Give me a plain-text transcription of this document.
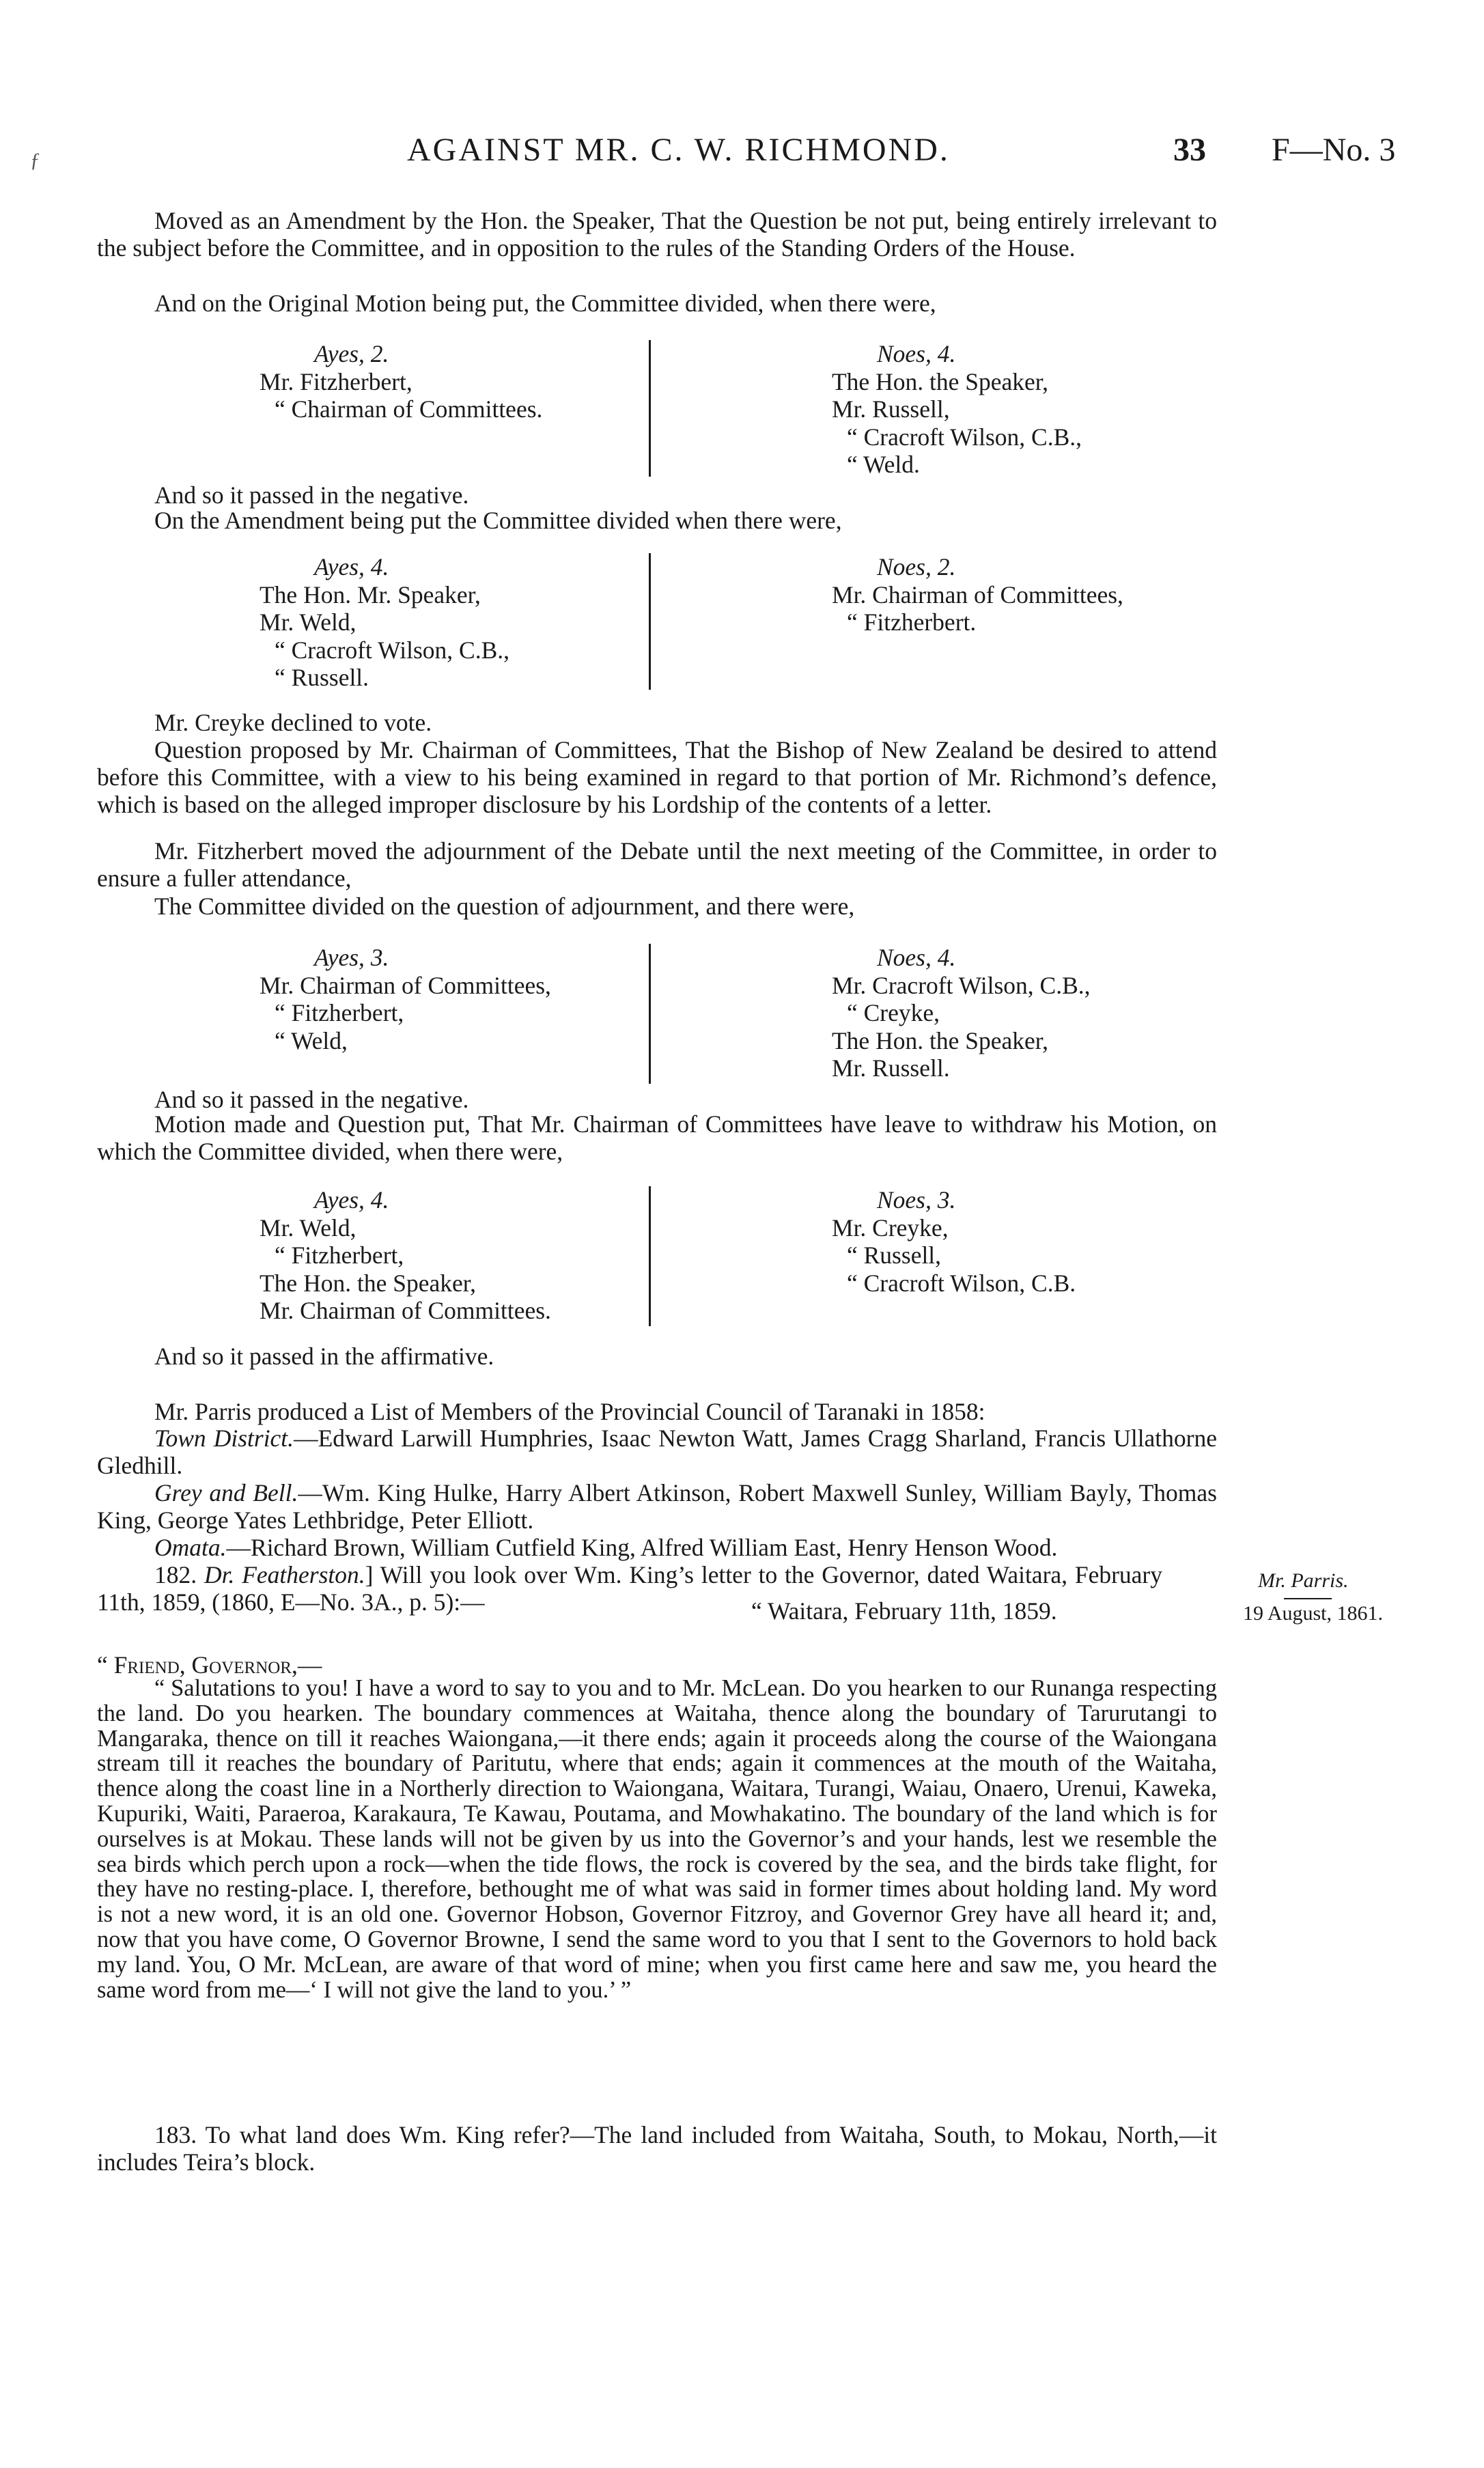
ƒ	AGAINST MR. C. W. RICHMOND.	33 F—No. 3
Moved as an Amendment by the Hon. the Speaker, That the Question be not put, being entirely irrelevant to the subject before the Committee, and in opposition to the rules of the Standing Orders of the House.
And on the Original Motion being put, the Committee divided, when there were,
Ayes, 2.
Mr. Fitzherbert,
“ Chairman of Committees.
Noes, 4.
The Hon. the Speaker,
Mr. Russell,
“ Cracroft Wilson, C.B.,
“ Weld.
And so it passed in the negative.
On the Amendment being put the Committee divided when there were,
Ayes, 4.
The Hon. Mr. Speaker,
Mr. Weld,
“ Cracroft Wilson, C.B.,
“ Russell.
Noes, 2.
Mr. Chairman of Committees,
“ Fitzherbert.
Mr. Creyke declined to vote.
Question proposed by Mr. Chairman of Committees, That the Bishop of New Zealand be desired to attend before this Committee, with a view to his being examined in regard to that portion of Mr. Richmond’s defence, which is based on the alleged improper disclosure by his Lordship of the contents of a letter.
Mr. Fitzherbert moved the adjournment of the Debate until the next meeting of the Committee, in order to ensure a fuller attendance,
The Committee divided on the question of adjournment, and there were,
Ayes, 3.
Mr. Chairman of Committees,
“ Fitzherbert,
“ Weld,
Noes, 4.
Mr. Cracroft Wilson, C.B.,
“ Creyke,
The Hon. the Speaker,
Mr. Russell.
And so it passed in the negative.
Motion made and Question put, That Mr. Chairman of Committees have leave to withdraw his Motion, on which the Committee divided, when there were,
Ayes, 4.
Mr. Weld,
“ Fitzherbert,
The Hon. the Speaker,
Mr. Chairman of Committees.
Noes, 3.
Mr. Creyke,
“ Russell,
“ Cracroft Wilson, C.B.
And so it passed in the affirmative.
Mr. Parris produced a List of Members of the Provincial Council of Taranaki in 1858:
Town District.—Edward Larwill Humphries, Isaac Newton Watt, James Cragg Sharland, Francis Ullathorne Gledhill.
Grey and Bell.—Wm. King Hulke, Harry Albert Atkinson, Robert Maxwell Sunley, William Bayly, Thomas King, George Yates Lethbridge, Peter Elliott.
Omata.—Richard Brown, William Cutfield King, Alfred William East, Henry Henson Wood.
182. Dr. Featherston.] Will you look over Wm. King’s letter to the Governor, dated Waitara, February 11th, 1859, (1860, E—No. 3A., p. 5):—	“ Waitara, February 11th, 1859.
Mr. Parris.
19 August, 1861.
“ Friend, Governor,—
“ Salutations to you! I have a word to say to you and to Mr. McLean. Do you hearken to our Runanga respecting the land. Do you hearken. The boundary commences at Waitaha, thence along the boundary of Tarurutangi to Mangaraka, thence on till it reaches Waiongana,—it there ends; again it proceeds along the course of the Waiongana stream till it reaches the boundary of Paritutu, where that ends; again it commences at the mouth of the Waitaha, thence along the coast line in a Northerly direction to Waiongana, Waitara, Turangi, Waiau, Onaero, Urenui, Kaweka, Kupuriki, Waiti, Paraeroa, Karakaura, Te Kawau, Poutama, and Mowhakatino. The boundary of the land which is for ourselves is at Mokau. These lands will not be given by us into the Governor’s and your hands, lest we resemble the sea birds which perch upon a rock—when the tide flows, the rock is covered by the sea, and the birds take flight, for they have no resting-place. I, therefore, bethought me of what was said in former times about holding land. My word is not a new word, it is an old one. Governor Hobson, Governor Fitzroy, and Governor Grey have all heard it; and, now that you have come, O Governor Browne, I send the same word to you that I sent to the Governors to hold back my land. You, O Mr. McLean, are aware of that word of mine; when you first came here and saw me, you heard the same word from me—‘ I will not give the land to you.’ ”
183. To what land does Wm. King refer?—The land included from Waitaha, South, to Mokau, North,—it includes Teira’s block.
